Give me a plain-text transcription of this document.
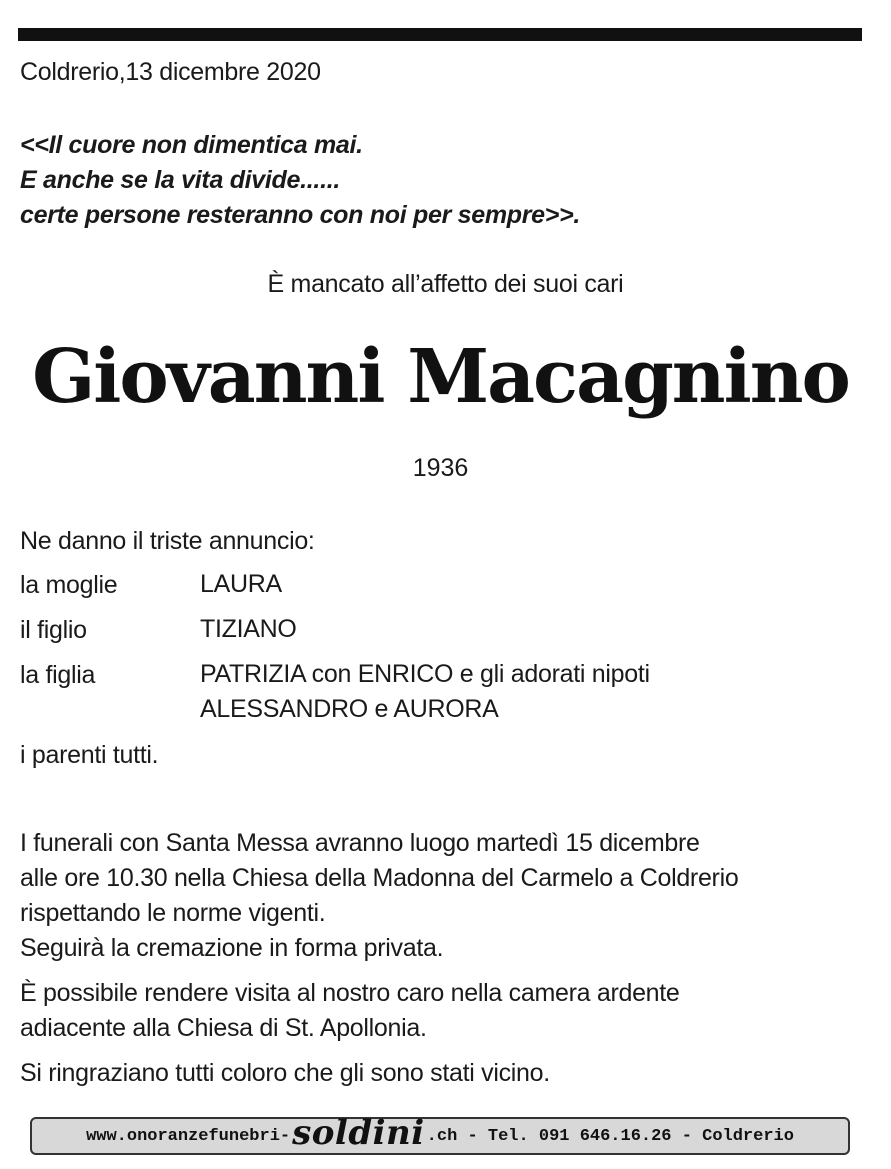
Coldrerio,13 dicembre 2020
<<Il cuore non dimentica mai.
E anche se la vita divide......
certe persone resteranno con noi per sempre>>.
È mancato all’affetto dei suoi cari
Giovanni Macagnino
1936
Ne danno il triste annuncio:
la moglie	LAURA
il figlio	TIZIANO
la figlia	PATRIZIA con ENRICO e gli adorati nipoti
ALESSANDRO e AURORA
i parenti tutti.
I funerali con Santa Messa avranno luogo martedì 15 dicembre
alle ore 10.30 nella Chiesa della Madonna del Carmelo a Coldrerio
rispettando le norme vigenti.
Seguirà la cremazione in forma privata.
È possibile rendere visita al nostro caro nella camera ardente
adiacente alla Chiesa di St. Apollonia.
Si ringraziano tutti coloro che gli sono stati vicino.
www.onoranzefunebri- soldini .ch - Tel. 091 646.16.26 - Coldrerio
